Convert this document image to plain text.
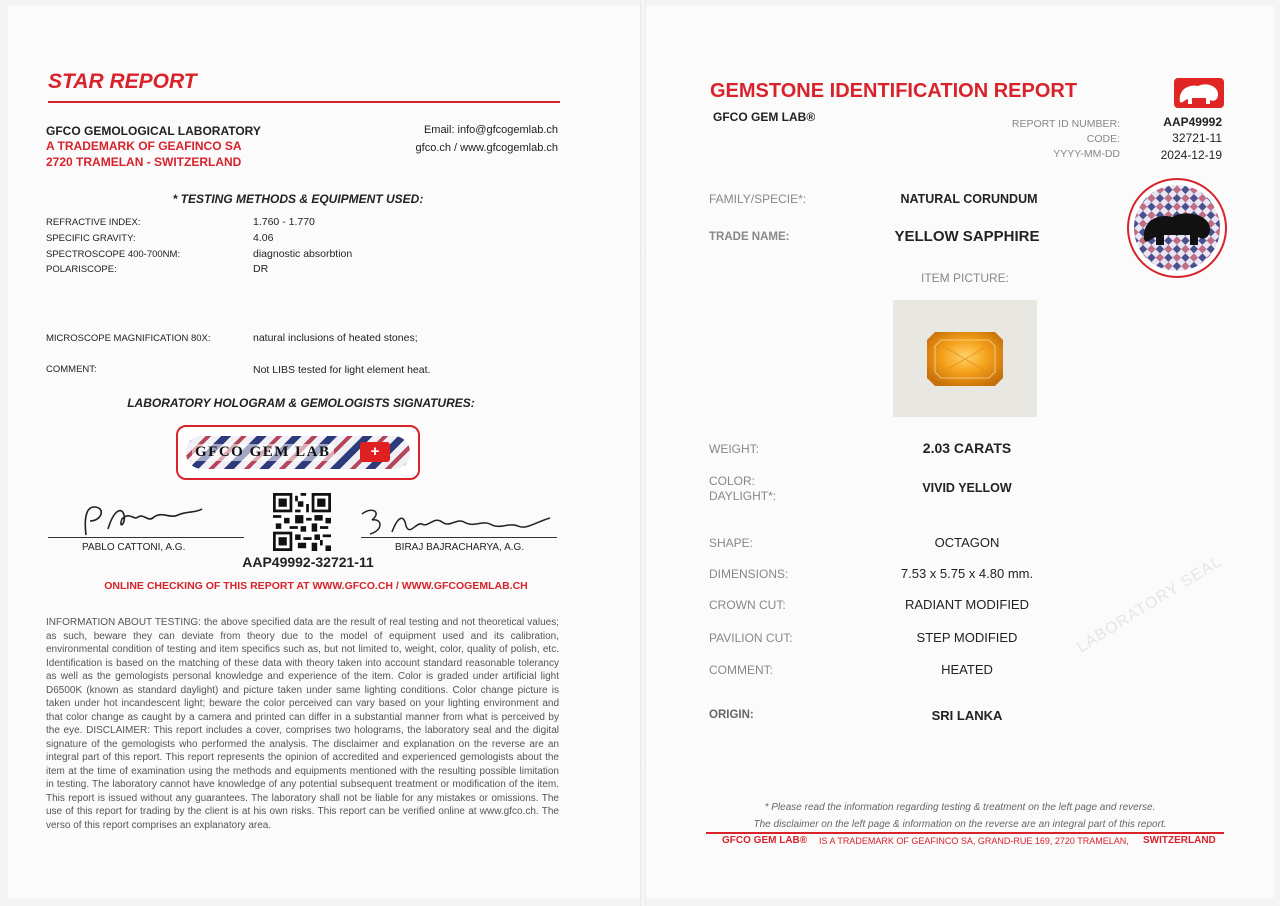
STAR REPORT
GFCO GEMOLOGICAL LABORATORY
A TRADEMARK OF GEAFINCO SA
2720 TRAMELAN - SWITZERLAND
Email: info@gfcogemlab.ch
gfco.ch / www.gfcogemlab.ch
* TESTING METHODS & EQUIPMENT USED:
REFRACTIVE INDEX:	1.760 - 1.770
SPECIFIC GRAVITY:	4.06
SPECTROSCOPE 400-700NM:	diagnostic absorbtion
POLARISCOPE:	DR
MICROSCOPE MAGNIFICATION 80X:	natural inclusions of heated stones;
COMMENT:	Not LIBS tested for light element heat.
LABORATORY HOLOGRAM & GEMOLOGISTS SIGNATURES:
GFCO GEM LAB	+
PABLO CATTONI, A.G.	BIRAJ BAJRACHARYA, A.G.
AAP49992-32721-11
ONLINE CHECKING OF THIS REPORT AT WWW.GFCO.CH / WWW.GFCOGEMLAB.CH
INFORMATION ABOUT TESTING: the above specified data are the result of real testing and not theoretical values; as such, beware they can deviate from theory due to the model of equipment used and its calibration, environmental condition of testing and item specifics such as, but not limited to, weight, color, quality of polish, etc. Identification is based on the matching of these data with theory taken into account standard reasonable tolerancy as well as the gemologists personal knowledge and experience of the item. Color is graded under artificial light D6500K (known as standard daylight) and picture taken under same lighting conditions. Color change picture is taken under hot incandescent light; beware the color perceived can vary based on your lighting environment and that color change as caught by a camera and printed can differ in a substantial manner from what is perceived by the eye. DISCLAIMER: This report includes a cover, comprises two holograms, the laboratory seal and the digital signature of the gemologists who performed the analysis. The disclaimer and explanation on the reverse are an integral part of this report. This report represents the opinion of accredited and experienced gemologists about the item at the time of examination using the methods and equipments mentioned with the resulting possible limitation in testing. The laboratory cannot have knowledge of any potential subsequent treatment or modification of the item. This report is issued without any guarantees. The laboratory shall not be liable for any mistakes or omissions. The use of this report for trading by the client is at his own risks. This report can be verified online at www.gfco.ch. The verso of this report comprises an explanatory area.
GEMSTONE IDENTIFICATION REPORT
GFCO GEM LAB®	REPORT ID NUMBER:	AAP49992
CODE:	32721-11
YYYY-MM-DD	2024-12-19
FAMILY/SPECIE*:	NATURAL CORUNDUM
TRADE NAME:	YELLOW SAPPHIRE
ITEM PICTURE:
WEIGHT:	2.03 CARATS
COLOR:
DAYLIGHT*:
VIVID YELLOW
SHAPE:	OCTAGON
DIMENSIONS:	7.53 x 5.75 x 4.80 mm.
CROWN CUT:	RADIANT MODIFIED
PAVILION CUT:	STEP MODIFIED
COMMENT:	HEATED
ORIGIN:	SRI LANKA
LABORATORY SEAL
* Please read the information regarding testing & treatment on the left page and reverse.
The disclaimer on the left page & information on the reverse are an integral part of this report.
GFCO GEM LAB® IS A TRADEMARK OF GEAFINCO SA, GRAND-RUE 169, 2720 TRAMELAN, SWITZERLAND
